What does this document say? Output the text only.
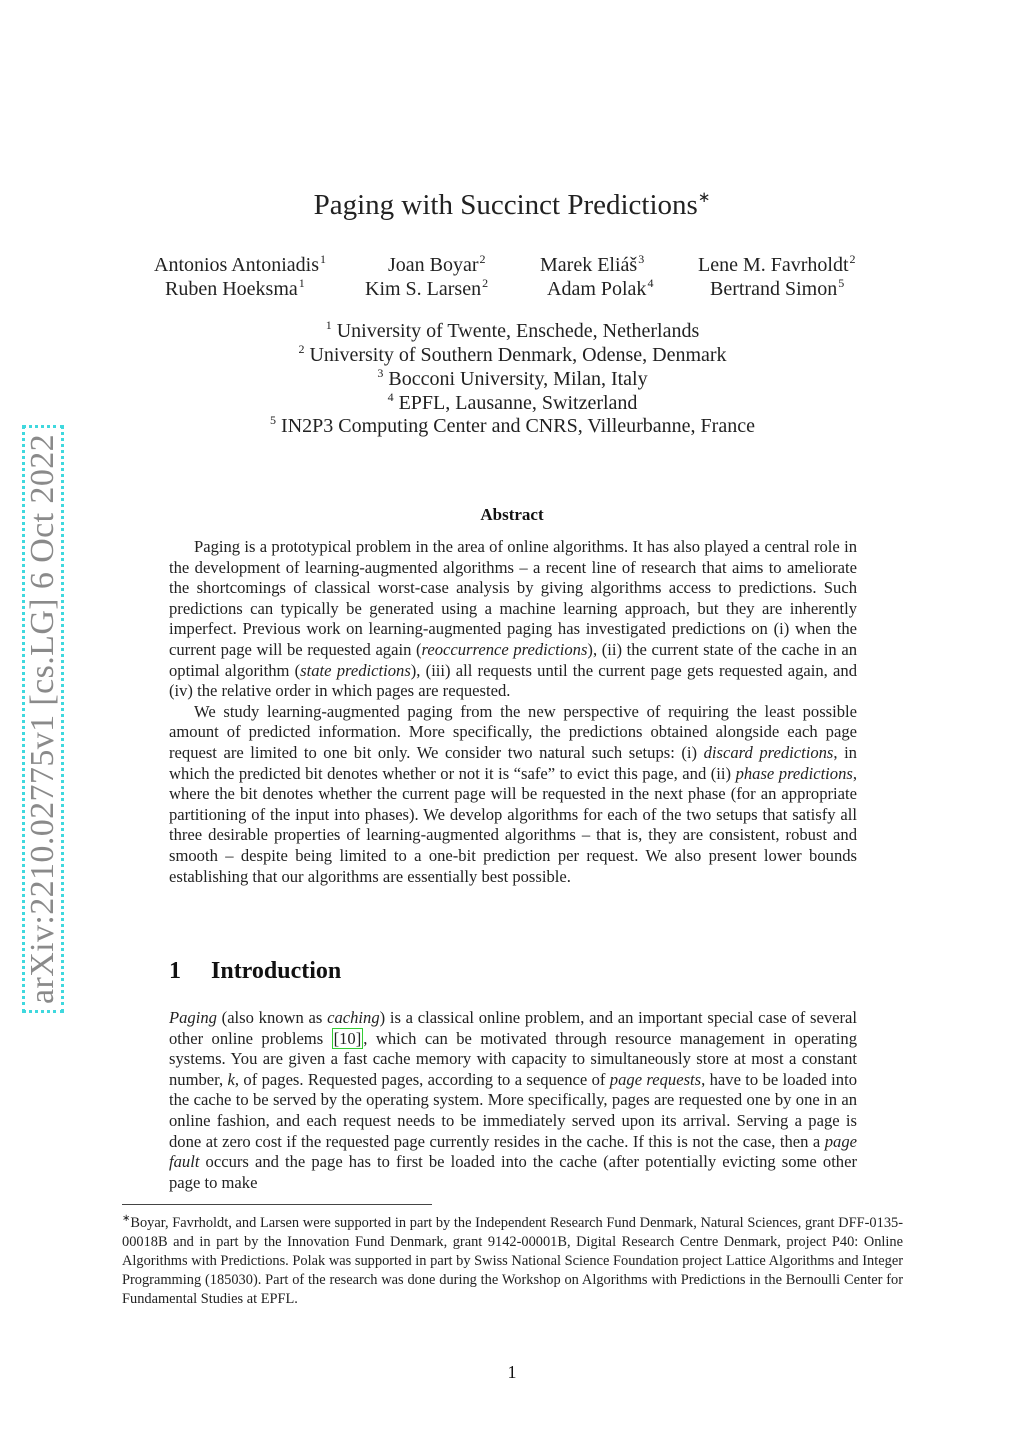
arXiv:2210.02775v1 [cs.LG] 6 Oct 2022
Paging with Succinct Predictions∗
Antonios Antoniadis$^1$	Joan Boyar$^2$	Marek Eliáš$^3$	Lene M. Favrholdt$^2$
Ruben Hoeksma$^1$	Kim S. Larsen$^2$	Adam Polak$^4$	Bertrand Simon$^5$
$^1$ University of Twente, Enschede, Netherlands
$^2$ University of Southern Denmark, Odense, Denmark
$^3$ Bocconi University, Milan, Italy
$^4$ EPFL, Lausanne, Switzerland
$^5$ IN2P3 Computing Center and CNRS, Villeurbanne, France
Abstract

Paging is a prototypical problem in the area of online algorithms. It has also played a central role in the development of learning-augmented algorithms – a recent line of research that aims to ameliorate the shortcomings of classical worst-case analysis by giving algorithms access to predictions. Such predictions can typically be generated using a machine learning approach, but they are inherently imperfect. Previous work on learning-augmented paging has investigated predictions on (i) when the current page will be requested again (reoccurrence predictions), (ii) the current state of the cache in an optimal algorithm (state predictions), (iii) all requests until the current page gets requested again, and (iv) the relative order in which pages are requested.

We study learning-augmented paging from the new perspective of requiring the least possible amount of predicted information. More specifically, the predictions obtained alongside each page request are limited to one bit only. We consider two natural such setups: (i) discard predictions, in which the predicted bit denotes whether or not it is “safe” to evict this page, and (ii) phase predictions, where the bit denotes whether the current page will be requested in the next phase (for an appropriate partitioning of the input into phases). We develop algorithms for each of the two setups that satisfy all three desirable properties of learning-augmented algorithms – that is, they are consistent, robust and smooth – despite being limited to a one-bit prediction per request. We also present lower bounds establishing that our algorithms are essentially best possible.

1 Introduction

Paging (also known as caching) is a classical online problem, and an important special case of several other online problems [10] , which can be motivated through resource management in operating systems. You are given a fast cache memory with capacity to simultaneously store at most a constant number, k, of pages. Requested pages, according to a sequence of page requests, have to be loaded into the cache to be served by the operating system. More specifically, pages are requested one by one in an online fashion, and each request needs to be immediately served upon its arrival. Serving a page is done at zero cost if the requested page currently resides in the cache. If this is not the case, then a page fault occurs and the page has to first be loaded into the cache (after potentially evicting some other page to make

∗Boyar, Favrholdt, and Larsen were supported in part by the Independent Research Fund Denmark, Natural Sciences, grant DFF-0135-00018B and in part by the Innovation Fund Denmark, grant 9142-00001B, Digital Research Centre Denmark, project P40: Online Algorithms with Predictions. Polak was supported in part by Swiss National Science Foundation project Lattice Algorithms and Integer Programming (185030). Part of the research was done during the Workshop on Algorithms with Predictions in the Bernoulli Center for Fundamental Studies at EPFL.

1
